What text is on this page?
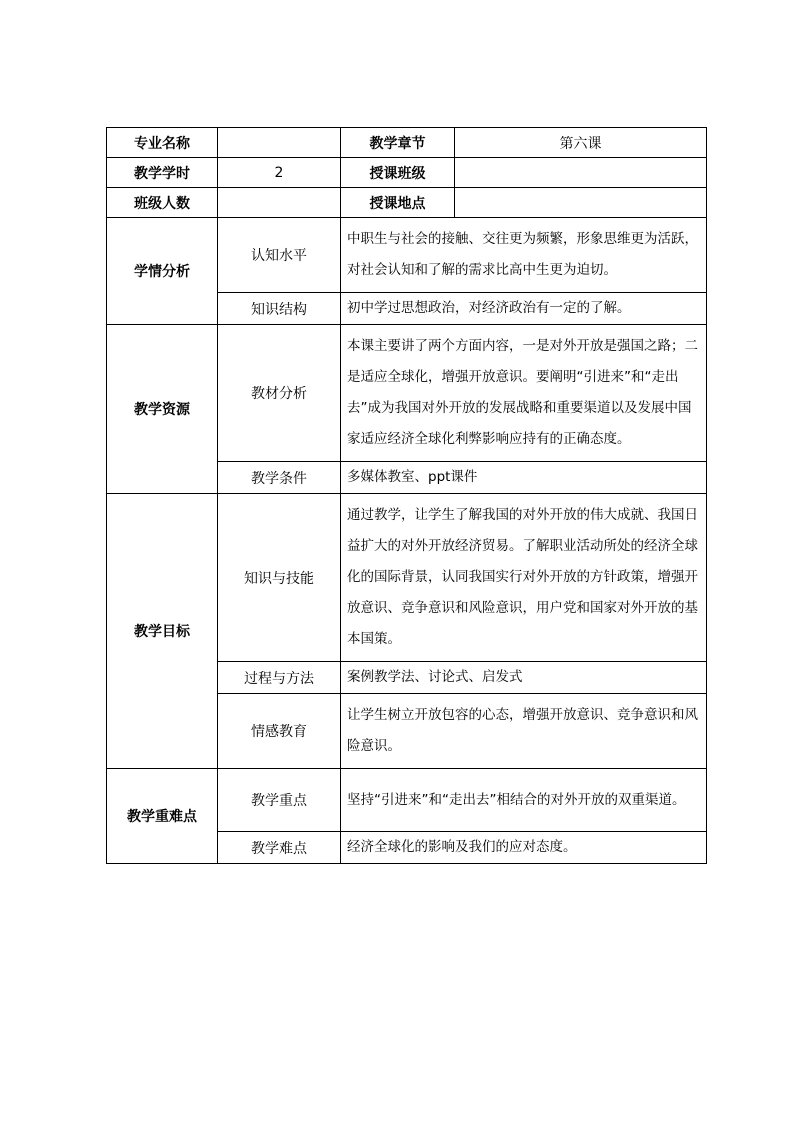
专业名称		教学章节	第六课
教学学时	2	授课班级	
班级人数		授课地点	
学情分析	认知水平	中职生与社会的接触、交往更为频繁，形象思维更为活跃，对社会认知和了解的需求比高中生更为迫切。	
	知识结构	初中学过思想政治，对经济政治有一定的了解。	
教学资源	教材分析	本课主要讲了两个方面内容，一是对外开放是强国之路；二是适应全球化，增强开放意识。要阐明“引进来”和“走出去”成为我国对外开放的发展战略和重要渠道以及发展中国家适应经济全球化利弊影响应持有的正确态度。	
	教学条件	多媒体教室、ppt课件	
教学目标	知识与技能	通过教学，让学生了解我国的对外开放的伟大成就、我国日益扩大的对外开放经济贸易。了解职业活动所处的经济全球化的国际背景，认同我国实行对外开放的方针政策，增强开放意识、竞争意识和风险意识，用户党和国家对外开放的基本国策。	
	过程与方法	案例教学法、讨论式、启发式	
	情感教育	让学生树立开放包容的心态，增强开放意识、竞争意识和风险意识。	
教学重难点	教学重点	坚持“引进来”和“走出去”相结合的对外开放的双重渠道。	
	教学难点	经济全球化的影响及我们的应对态度。	
